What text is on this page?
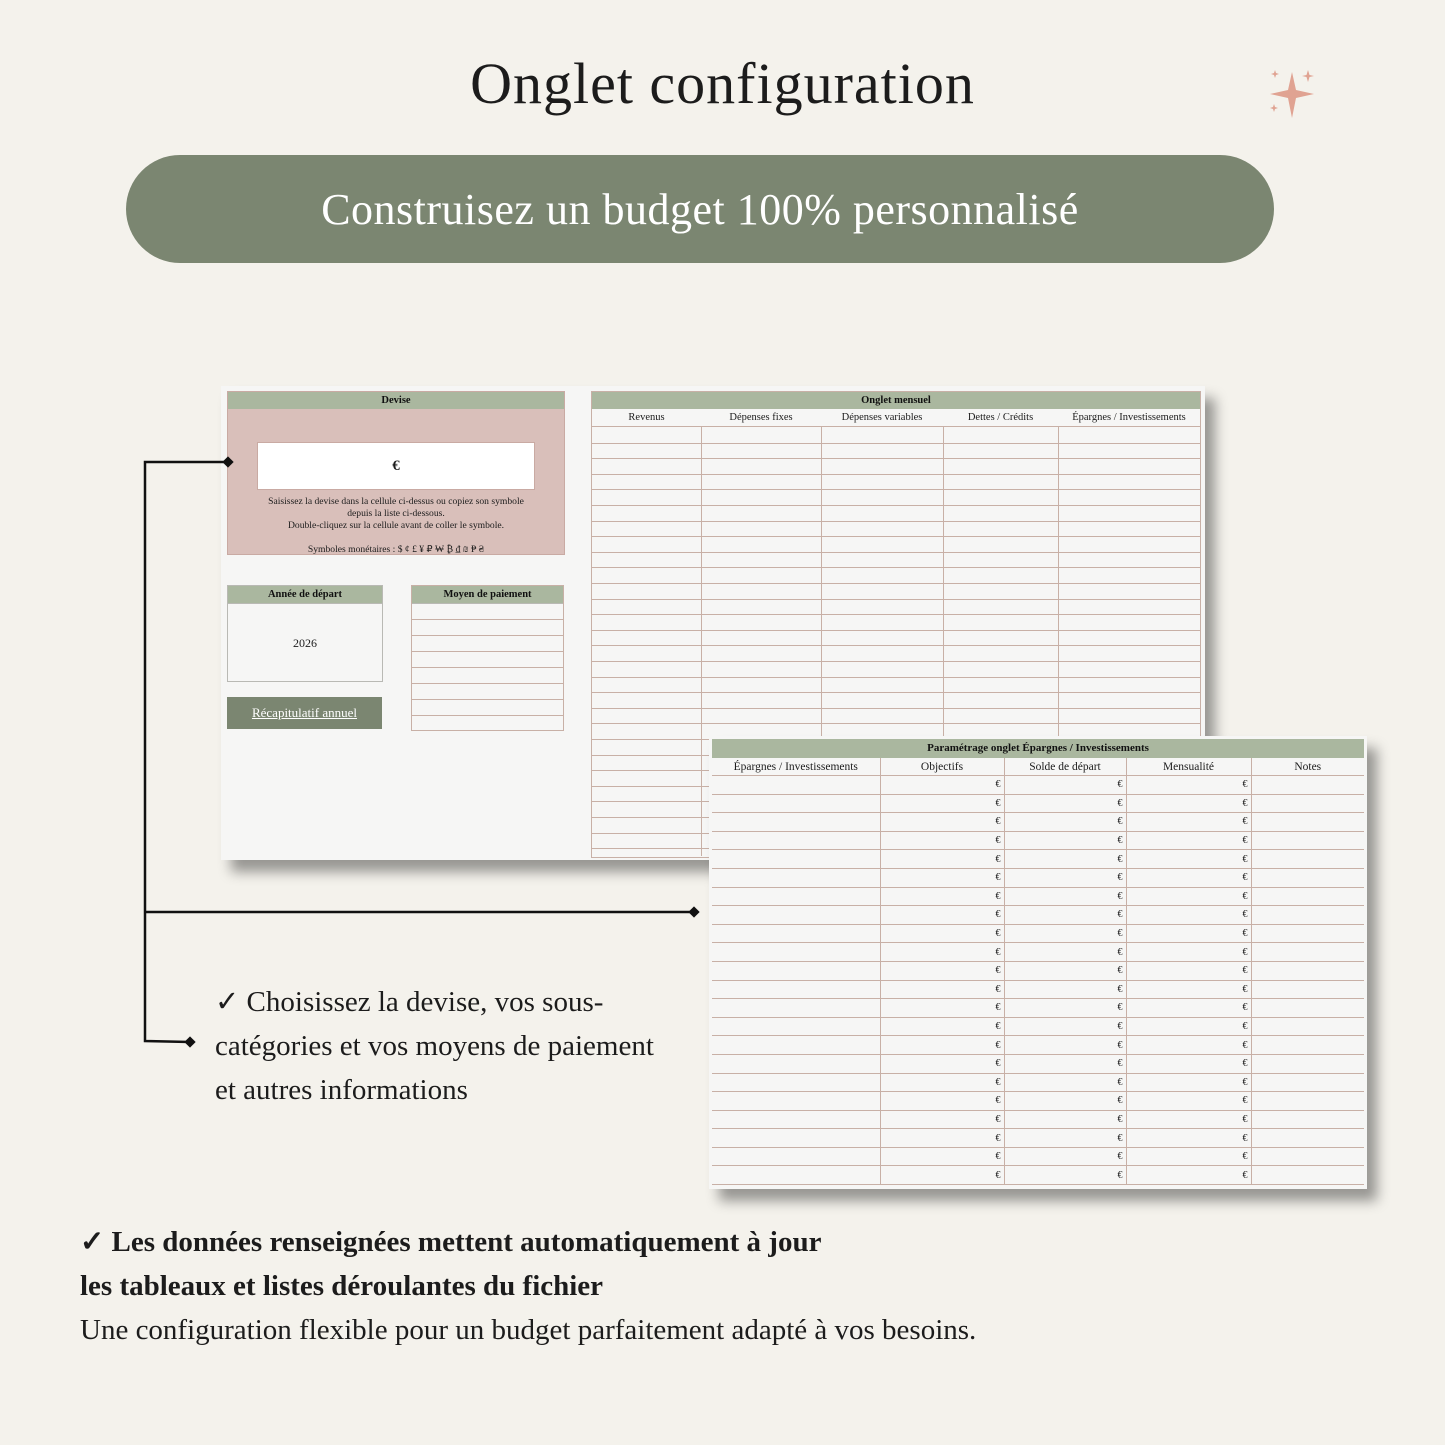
Onglet configuration
Construisez un budget 100% personnalisé
Devise
€
Saisissez la devise dans la cellule ci-dessus ou copiez son symbole
depuis la liste ci-dessous.
Double-cliquez sur la cellule avant de coller le symbole.
Symboles monétaires : $ ¢ £ ¥ ₽ ₩ ₿ ₫ ₪ ₱ ₴
Année de départ
2026
Moyen de paiement
Récapitulatif annuel
Onglet mensuel
Revenus	Dépenses fixes	Dépenses variables	Dettes / Crédits	Épargnes / Investissements
Paramétrage onglet Épargnes / Investissements
Épargnes / Investissements	Objectifs	Solde de départ	Mensualité	Notes
	€	€	€	
	€	€	€	
	€	€	€	
	€	€	€	
	€	€	€	
	€	€	€	
	€	€	€	
	€	€	€	
	€	€	€	
	€	€	€	
	€	€	€	
	€	€	€	
	€	€	€	
	€	€	€	
	€	€	€	
	€	€	€	
	€	€	€	
	€	€	€	
	€	€	€	
	€	€	€	
	€	€	€	
	€	€	€	
✓ Choisissez la devise, vos sous-catégories et vos moyens de paiement et autres informations
✓ Les données renseignées mettent automatiquement à jour
les tableaux et listes déroulantes du fichier
Une configuration flexible pour un budget parfaitement adapté à vos besoins.
